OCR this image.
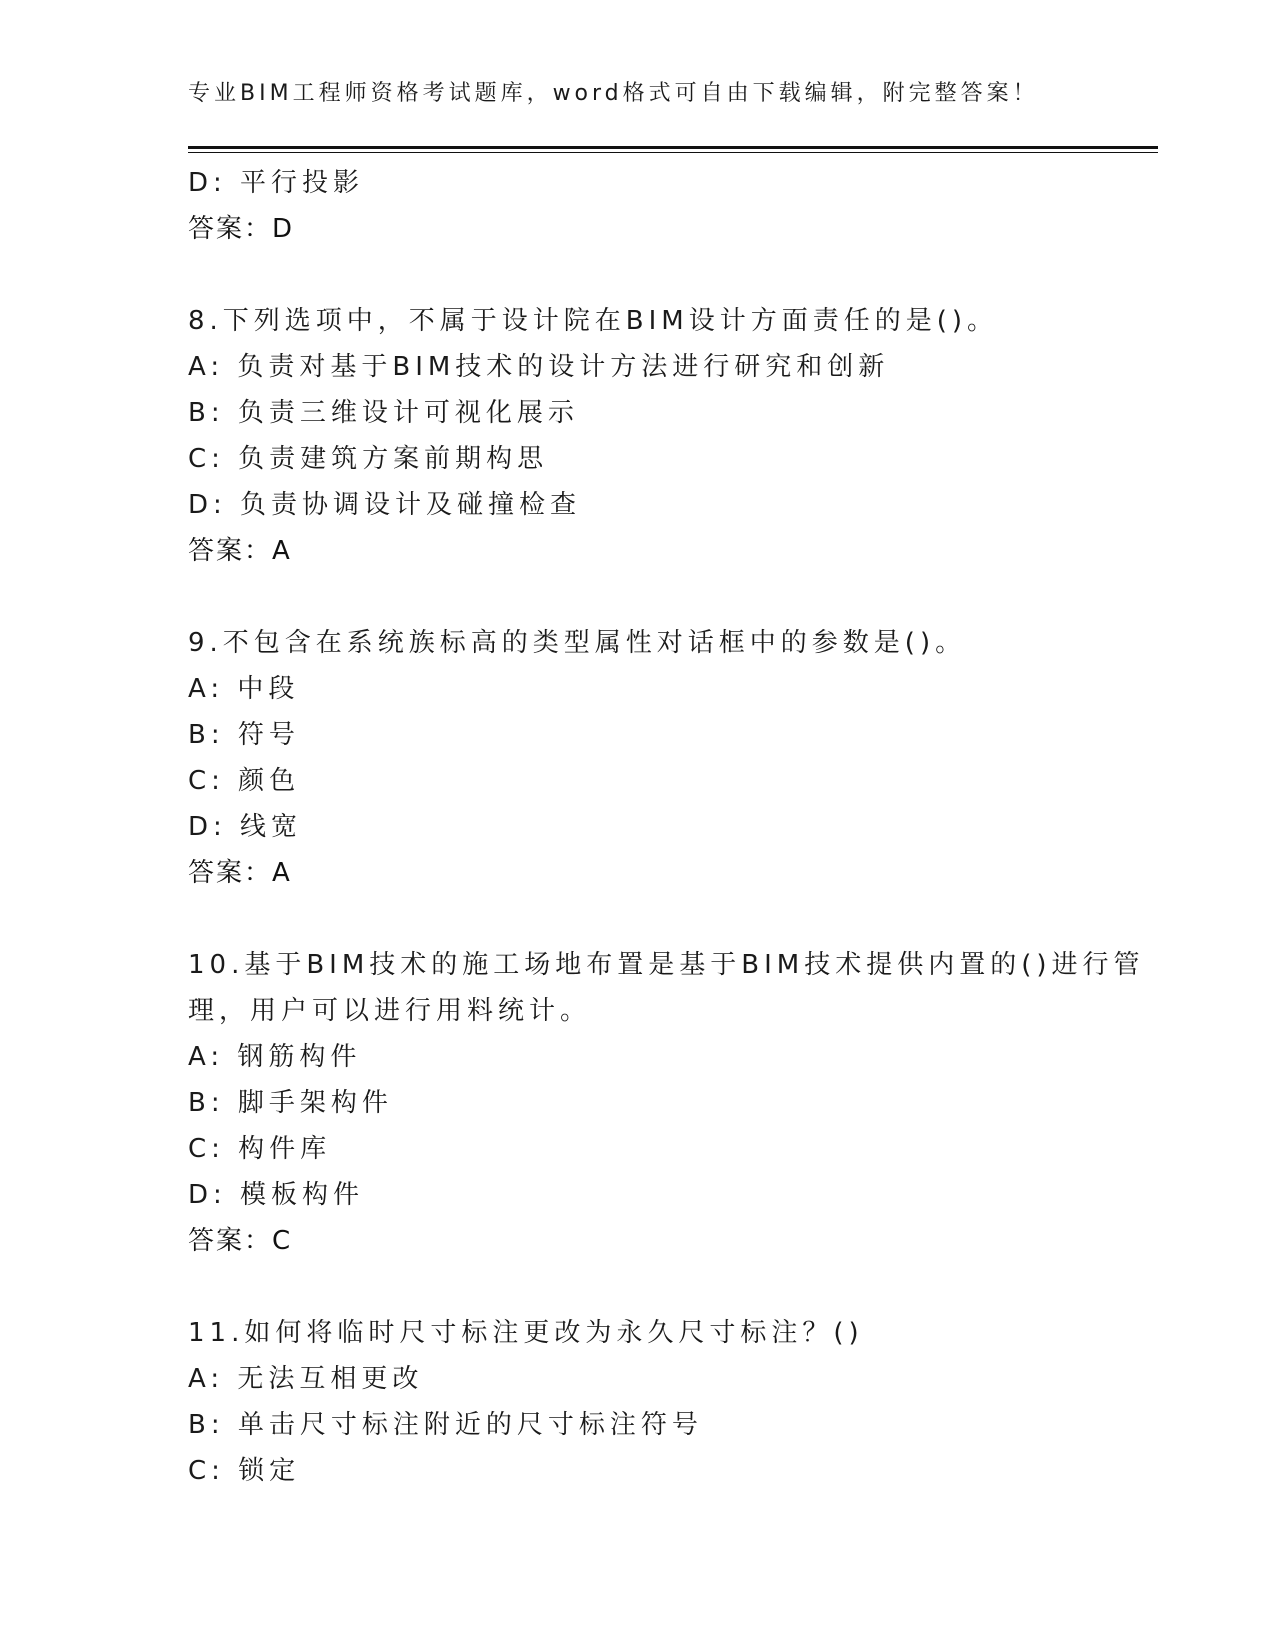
专业BIM工程师资格考试题库，word格式可自由下载编辑，附完整答案！
D: 平行投影
答案：D
8.下列选项中，不属于设计院在BIM设计方面责任的是()。
A: 负责对基于BIM技术的设计方法进行研究和创新
B: 负责三维设计可视化展示
C: 负责建筑方案前期构思
D: 负责协调设计及碰撞检查
答案：A
9.不包含在系统族标高的类型属性对话框中的参数是()。
A: 中段
B: 符号
C: 颜色
D: 线宽
答案：A
10.基于BIM技术的施工场地布置是基于BIM技术提供内置的()进行管
理，用户可以进行用料统计。
A: 钢筋构件
B: 脚手架构件
C: 构件库
D: 模板构件
答案：C
11.如何将临时尺寸标注更改为永久尺寸标注？()
A: 无法互相更改
B: 单击尺寸标注附近的尺寸标注符号
C: 锁定
